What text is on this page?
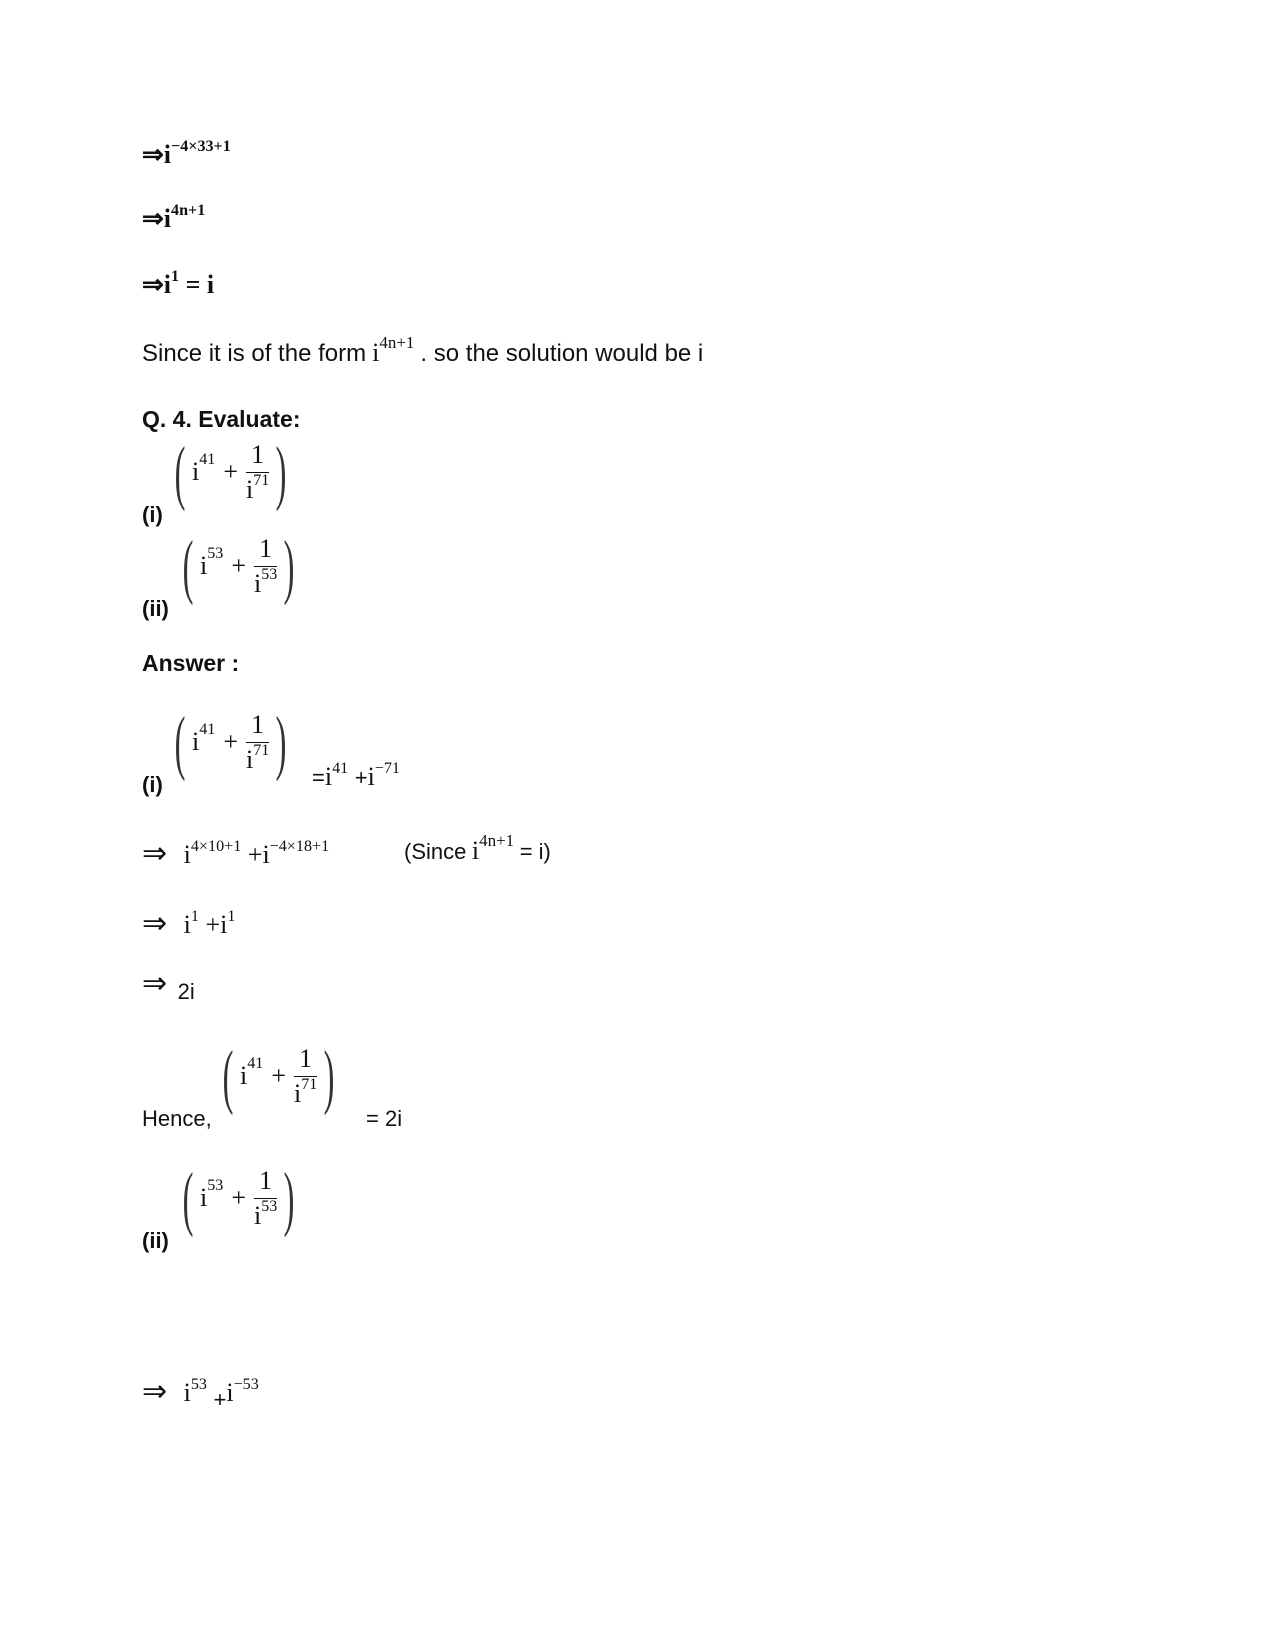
$\Rightarrow i^{-4\times 33+1}$
$\Rightarrow i^{4n+1}$
$\Rightarrow i^1 = i$
Since it is of the form $i^{4n+1}$ . so the solution would be i
Q. 4. Evaluate:
(i)
( $i^{41} + \frac{1}{i^{71}}$ )
(ii)
( $i^{53} + \frac{1}{i^{53}}$ )
Answer :
(i)
( $i^{41} + \frac{1}{i^{71}}$ ) $=i^{41} +i^{-71}$
⇒ $i^{4\times 10+1} +i^{-4\times 18+1}$	(Since $i^{4n+1} = i$)
⇒ $i^1 +i^1$
⇒ 2i
Hence,
( $i^{41} + \frac{1}{i^{71}}$ )
= 2i
(ii)
( $i^{53} + \frac{1}{i^{53}}$ )
⇒ $i^{53}$ $_+i^{-53}$
